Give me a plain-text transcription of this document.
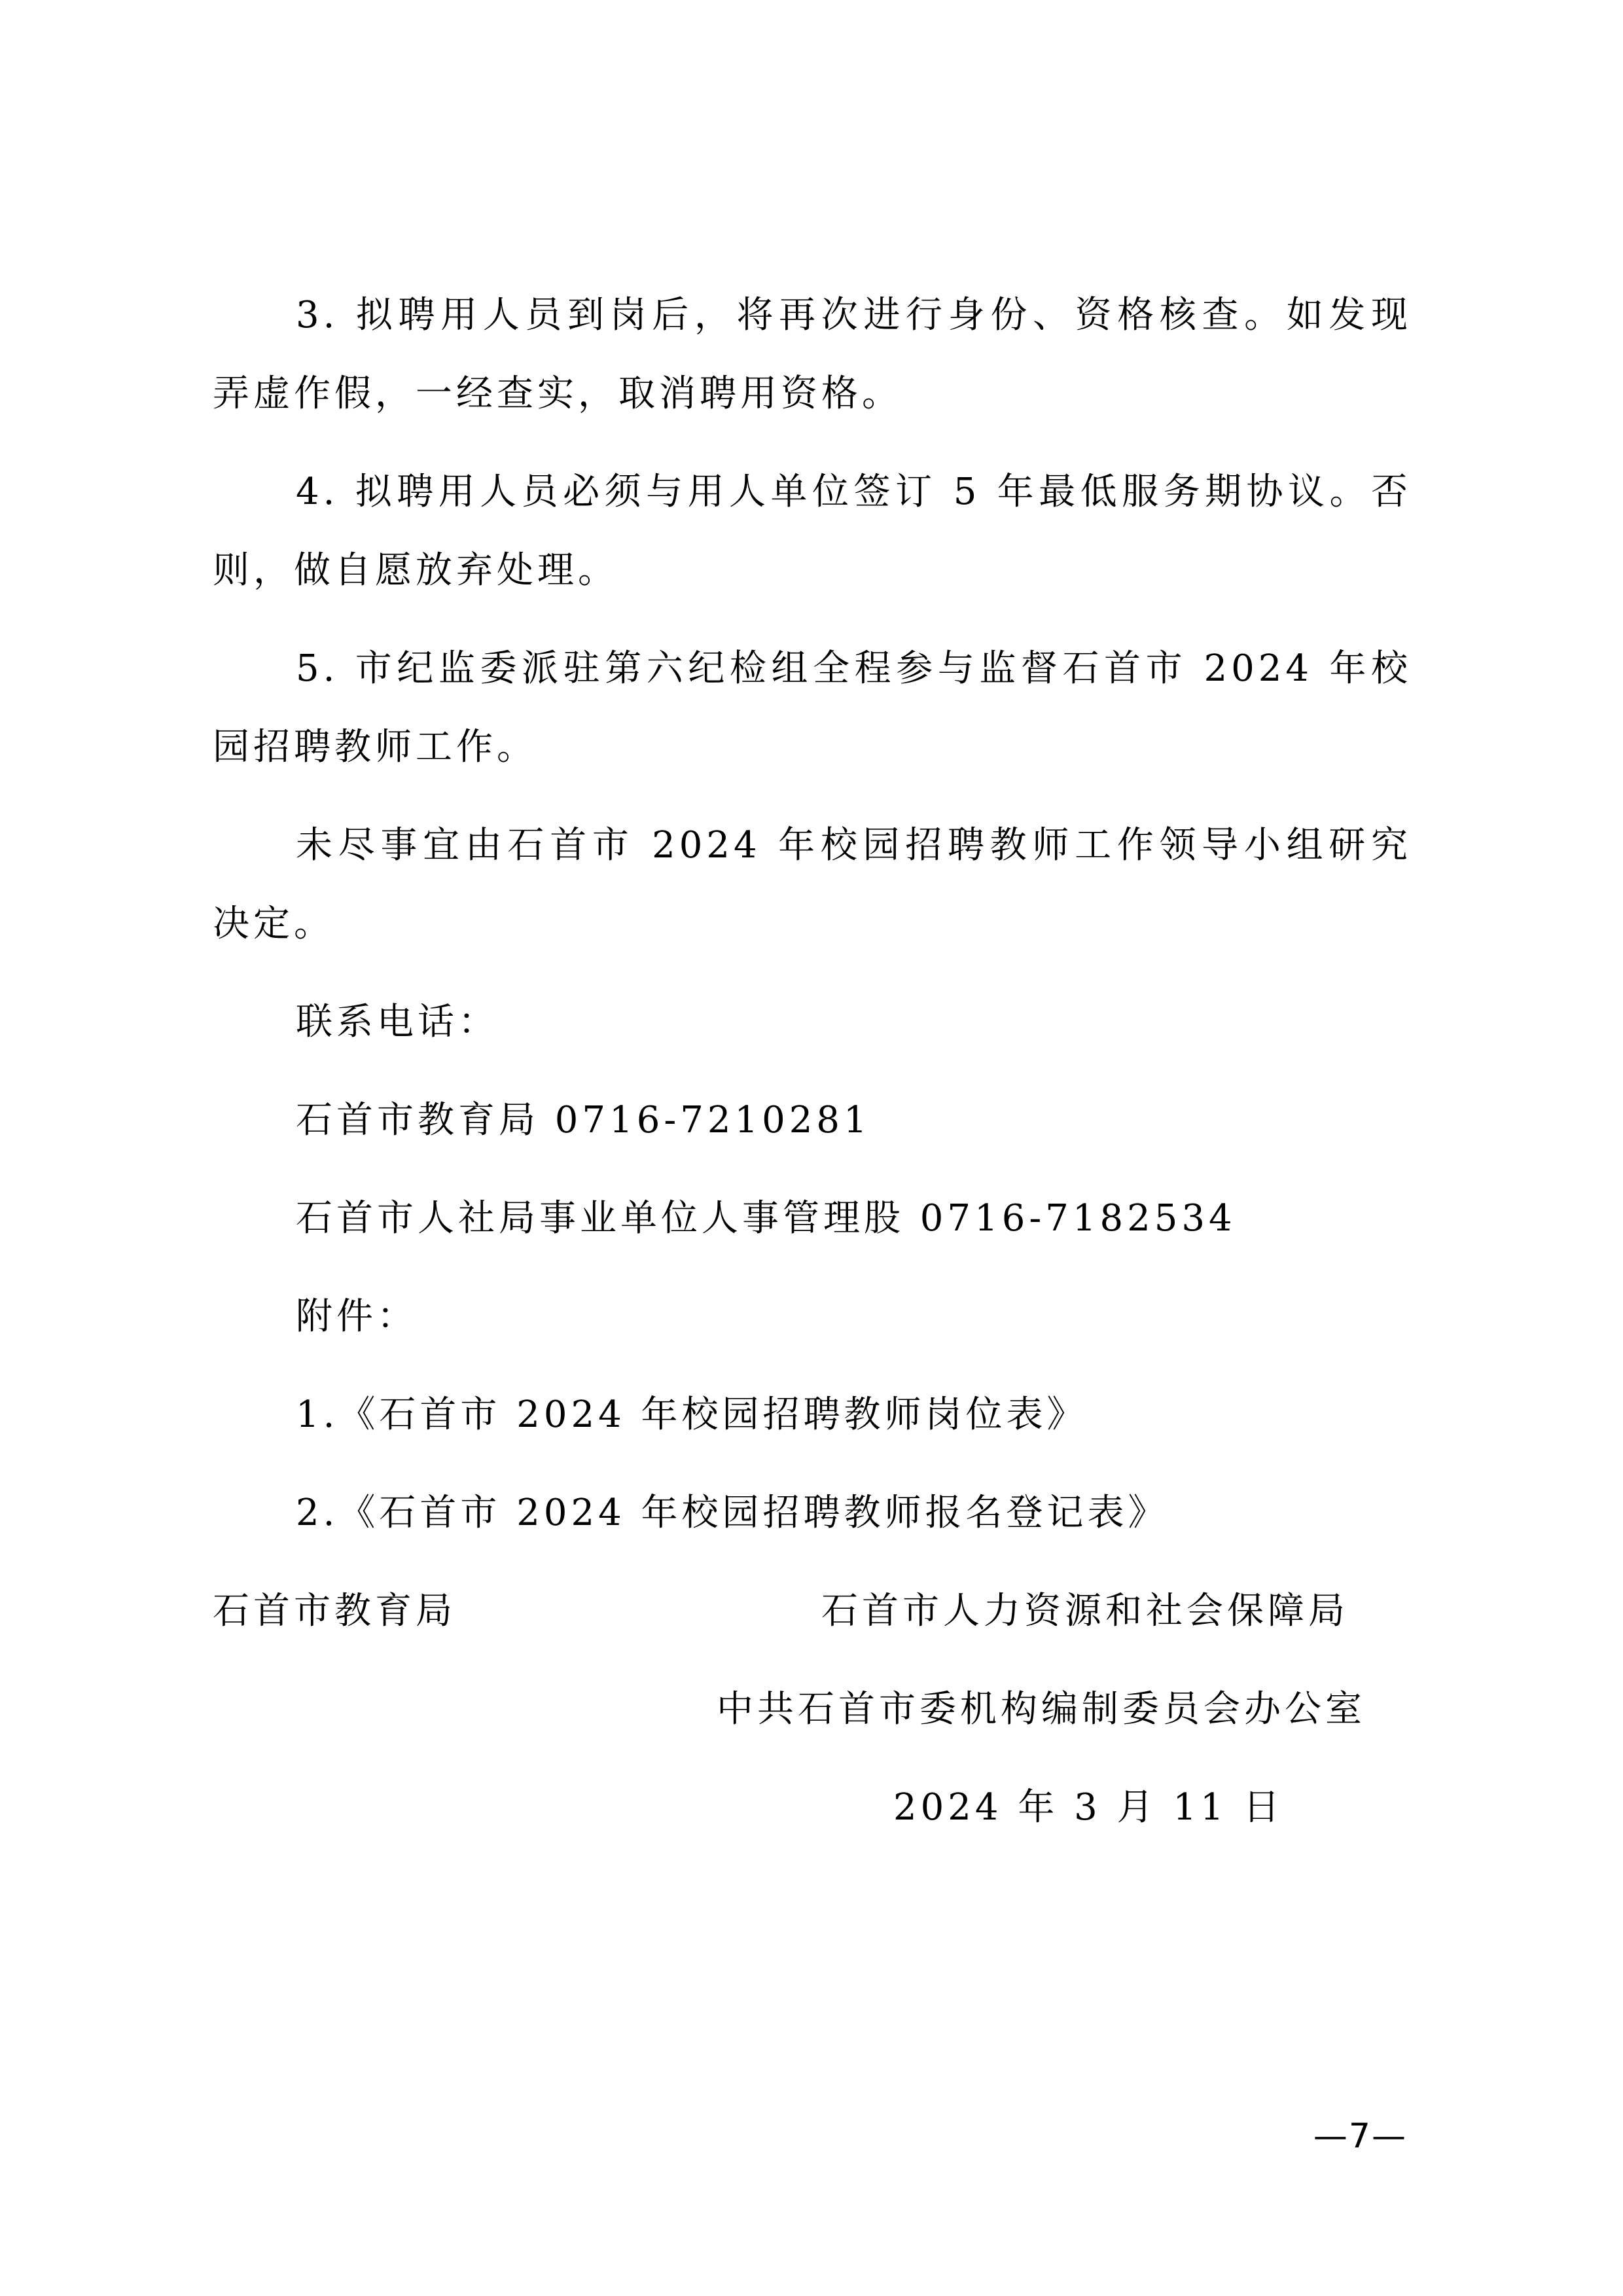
3. 拟聘用人员到岗后，将再次进行身份、资格核查。如发现
弄虚作假，一经查实，取消聘用资格。
4. 拟聘用人员必须与用人单位签订 5 年最低服务期协议。否
则，做自愿放弃处理。
5. 市纪监委派驻第六纪检组全程参与监督石首市 2024 年校
园招聘教师工作。
未尽事宜由石首市 2024 年校园招聘教师工作领导小组研究
决定。
联系电话：
石首市教育局 0716-7210281
石首市人社局事业单位人事管理股 0716-7182534
附件：
1.《石首市 2024 年校园招聘教师岗位表》
2.《石首市 2024 年校园招聘教师报名登记表》
石首市教育局	石首市人力资源和社会保障局
中共石首市委机构编制委员会办公室
2024 年 3 月 11 日
—7—
